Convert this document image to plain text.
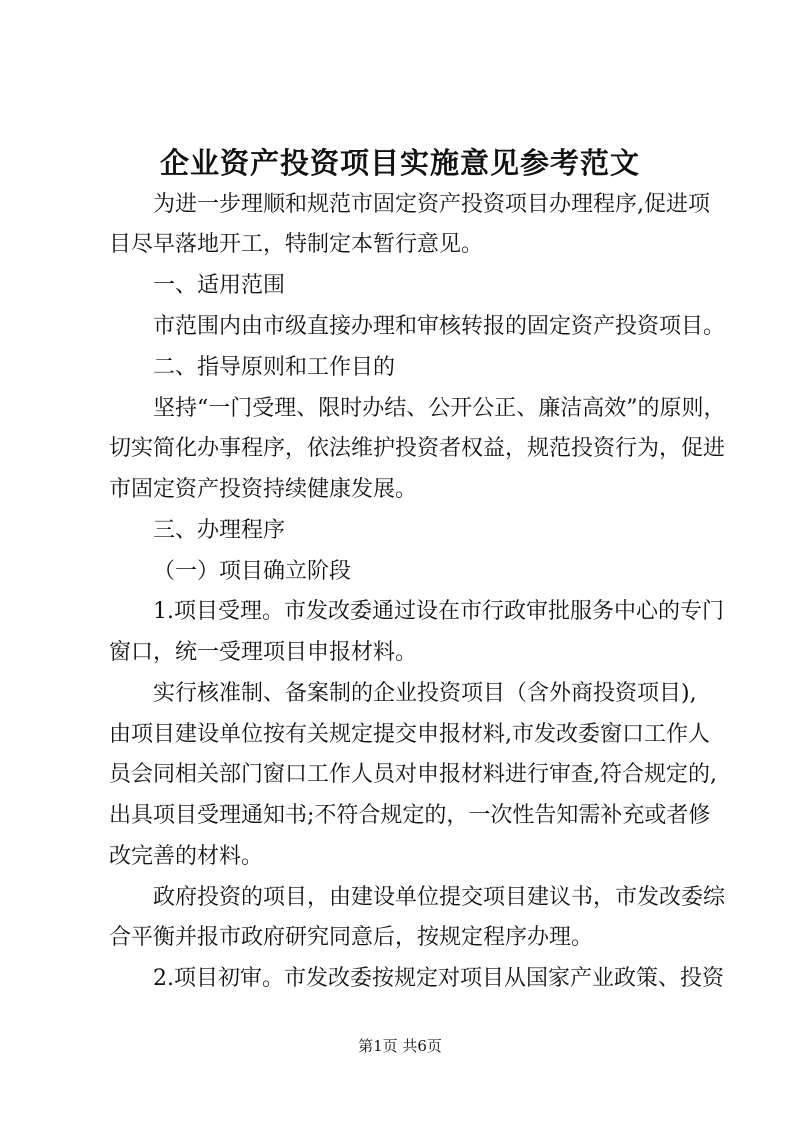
企业资产投资项目实施意见参考范文
为进一步理顺和规范市固定资产投资项目办理程序,促进项
目尽早落地开工，特制定本暂行意见。
一、适用范围
市范围内由市级直接办理和审核转报的固定资产投资项目。
二、指导原则和工作目的
坚持“一门受理、限时办结、公开公正、廉洁高效”的原则，
切实简化办事程序，依法维护投资者权益，规范投资行为，促进
市固定资产投资持续健康发展。
三、办理程序
（一）项目确立阶段
1.项目受理。市发改委通过设在市行政审批服务中心的专门
窗口，统一受理项目申报材料。
实行核准制、备案制的企业投资项目（含外商投资项目),
由项目建设单位按有关规定提交申报材料,市发改委窗口工作人
员会同相关部门窗口工作人员对申报材料进行审查,符合规定的,
出具项目受理通知书;不符合规定的，一次性告知需补充或者修
改完善的材料。
政府投资的项目，由建设单位提交项目建议书，市发改委综
合平衡并报市政府研究同意后，按规定程序办理。
2.项目初审。市发改委按规定对项目从国家产业政策、投资
第1页 共6页
